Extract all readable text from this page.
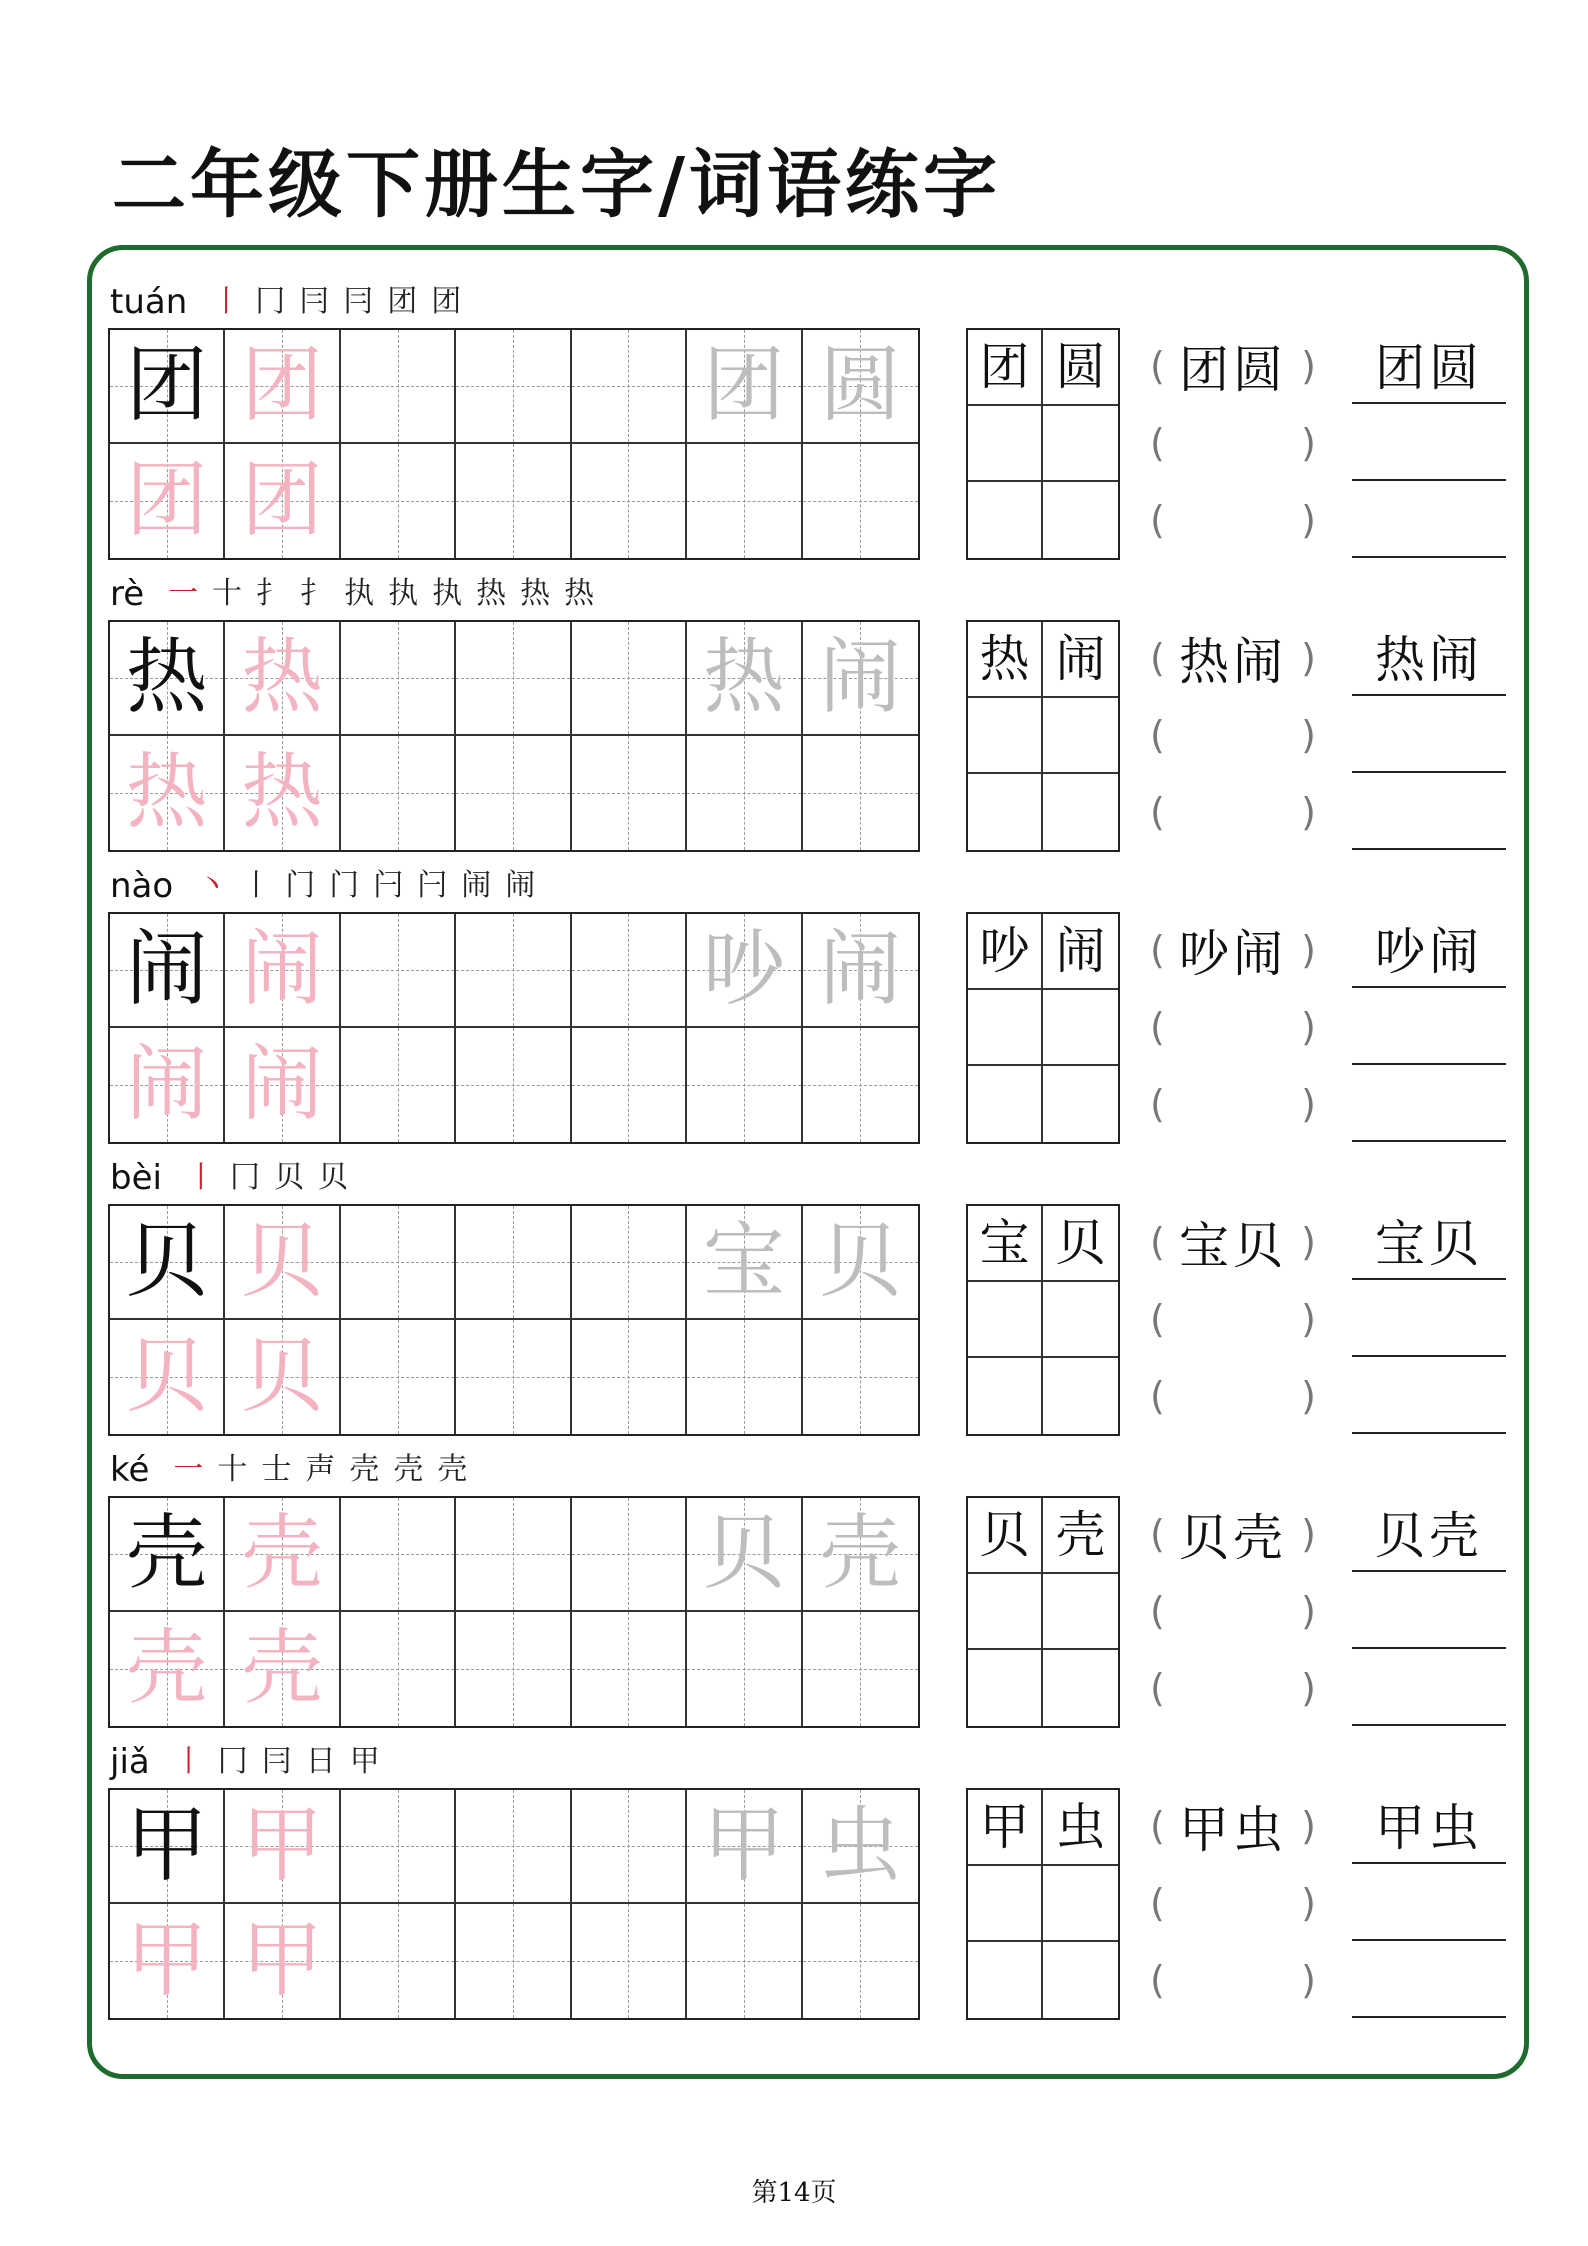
二年级下册生字/词语练字
tuán 丨 冂 冃 冃 团 团
团 团	团 圆
团 团
团 圆 ( 团圆 )
(	)
(	)
团圆
rè 一 十 扌 扌 执 执 执 热 热 热
热 热	热 闹
热 热
热 闹 ( 热闹 )
(	)
(	)
热闹
nào 丶 丨 门 门 闩 闩 闹 闹
闹 闹	吵 闹
闹 闹
吵 闹 ( 吵闹 )
(	)
(	)
吵闹
bèi 丨 冂 贝 贝
贝 贝	宝 贝
贝 贝
宝 贝 ( 宝贝 )
(	)
(	)
宝贝
ké 一 十 士 声 壳 壳 壳
壳 壳	贝 壳
壳 壳
贝 壳 ( 贝壳 )
(	)
(	)
贝壳
jiǎ 丨 冂 冃 日 甲
甲 甲	甲 虫
甲 甲
甲 虫 ( 甲虫 )
(	)
(	)
甲虫
第14页
